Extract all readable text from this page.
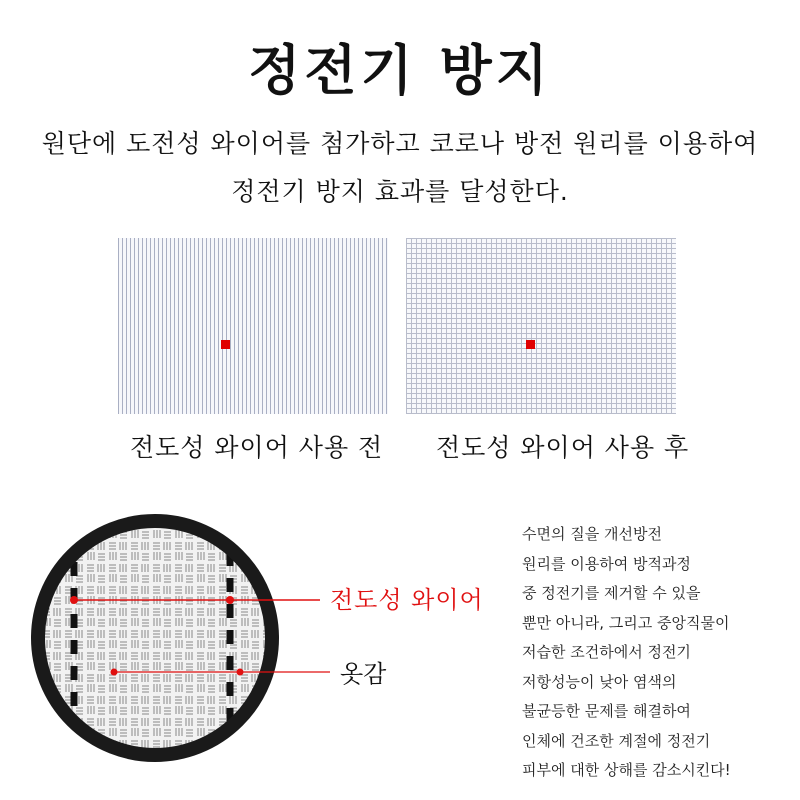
정전기 방지
원단에 도전성 와이어를 첨가하고 코로나 방전 원리를 이용하여
정전기 방지 효과를 달성한다.
전도성 와이어 사용 전 전도성 와이어 사용 후
전도성 와이어
옷감
수면의 질을 개선방전
원리를 이용하여 방적과정
중 정전기를 제거할 수 있을
뿐만 아니라, 그리고 중앙직물이
저습한 조건하에서 정전기
저항성능이 낮아 염색의
불균등한 문제를 해결하여
인체에 건조한 계절에 정전기
피부에 대한 상해를 감소시킨다!
